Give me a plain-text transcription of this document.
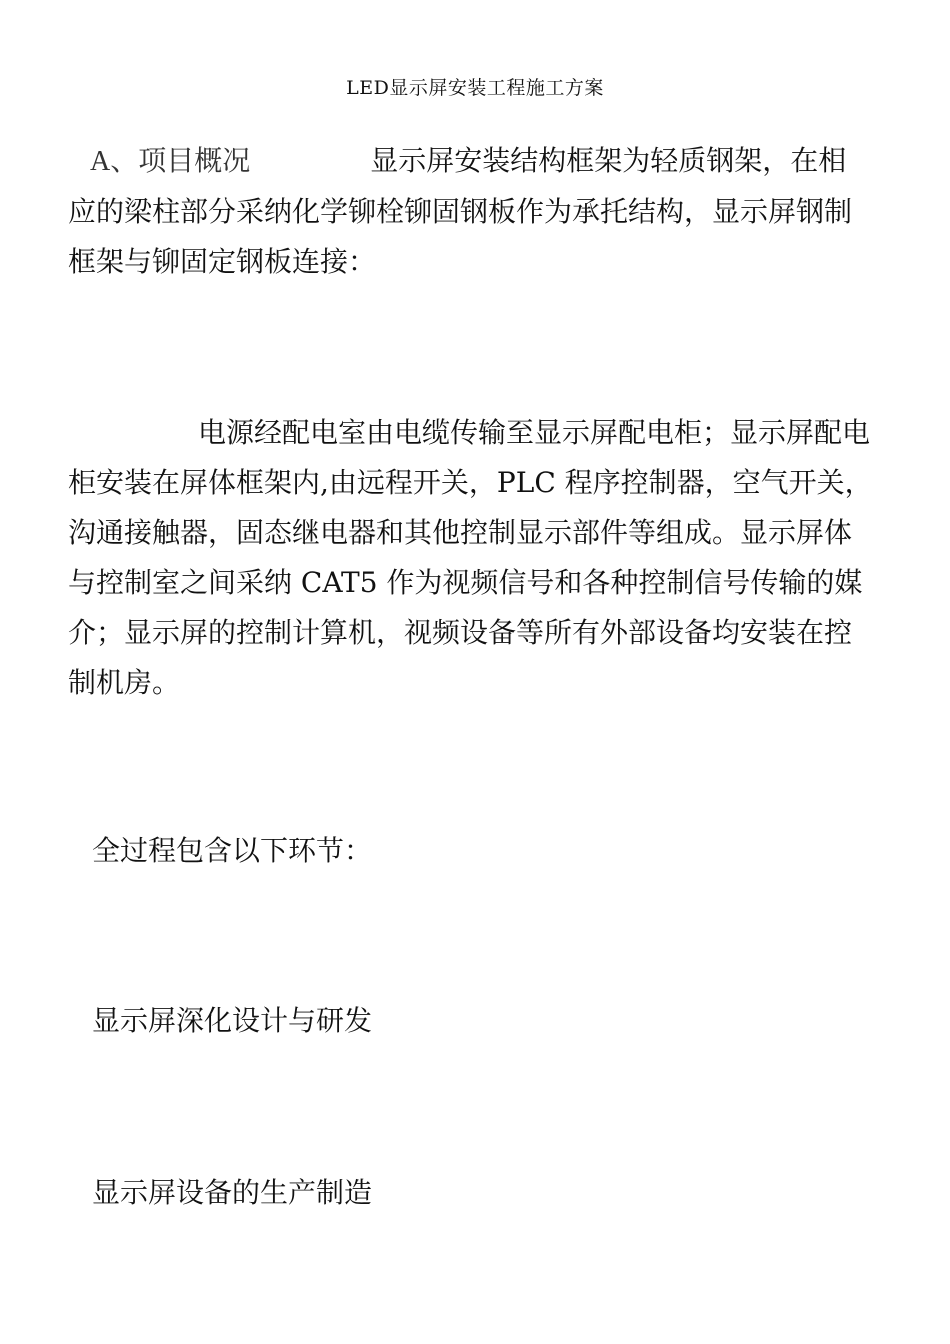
LED显示屏安装工程施工方案

A、项目概况	显示屏安装结构框架为轻质钢架，在相应的梁柱部分采纳化学铆栓铆固钢板作为承托结构，显示屏钢制框架与铆固定钢板连接：

电源经配电室由电缆传输至显示屏配电柜；显示屏配电柜安装在屏体框架内,由远程开关，PLC 程序控制器，空气开关，沟通接触器，固态继电器和其他控制显示部件等组成。显示屏体与控制室之间采纳 CAT5 作为视频信号和各种控制信号传输的媒介；显示屏的控制计算机，视频设备等所有外部设备均安装在控制机房。

全过程包含以下环节：

显示屏深化设计与研发

显示屏设备的生产制造
